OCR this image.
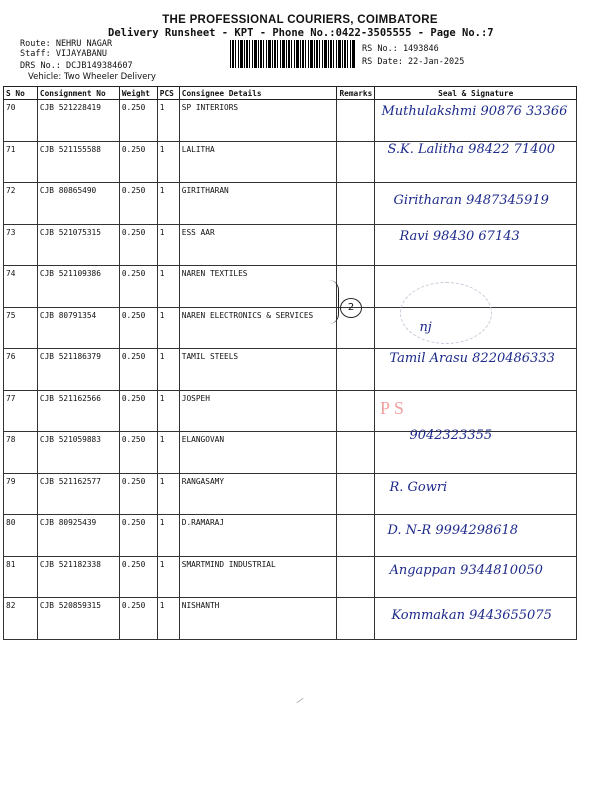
THE PROFESSIONAL COURIERS, COIMBATORE
Delivery Runsheet - KPT - Phone No.:0422-3505555 - Page No.:7
Route: NEHRU NAGAR
Staff: VIJAYABANU
DRS No.: DCJB149384607
Vehicle: Two Wheeler Delivery
RS No.: 1493846
RS Date: 22-Jan-2025
S No	Consignment No	Weight	PCS	Consignee Details	Remarks	Seal & Signature
70	CJB 521228419	0.250	1	SP INTERIORS		Muthulakshmi 90876 33366

71	CJB 521155588	0.250	1	LALITHA		S.K. Lalitha 98422 71400

72	CJB 80865490	0.250	1	GIRITHARAN		Giritharan 9487345919

73	CJB 521075315	0.250	1	ESS AAR		Ravi 98430 67143

74	CJB 521109386	0.250	1	NAREN TEXTILES		

75	CJB 80791354	0.250	1	NAREN ELECTRONICS & SERVICES		nj

76	CJB 521186379	0.250	1	TAMIL STEELS		Tamil Arasu 8220486333

77	CJB 521162566	0.250	1	JOSPEH		

78	CJB 521059883	0.250	1	ELANGOVAN		9042323355

79	CJB 521162577	0.250	1	RANGASAMY		R. Gowri

80	CJB 80925439	0.250	1	D.RAMARAJ		D. N-R 9994298618

81	CJB 521182338	0.250	1	SMARTMIND INDUSTRIAL		Angappan 9344810050

82	CJB 520859315	0.250	1	NISHANTH		Kommakan 9443655075
2
P S
